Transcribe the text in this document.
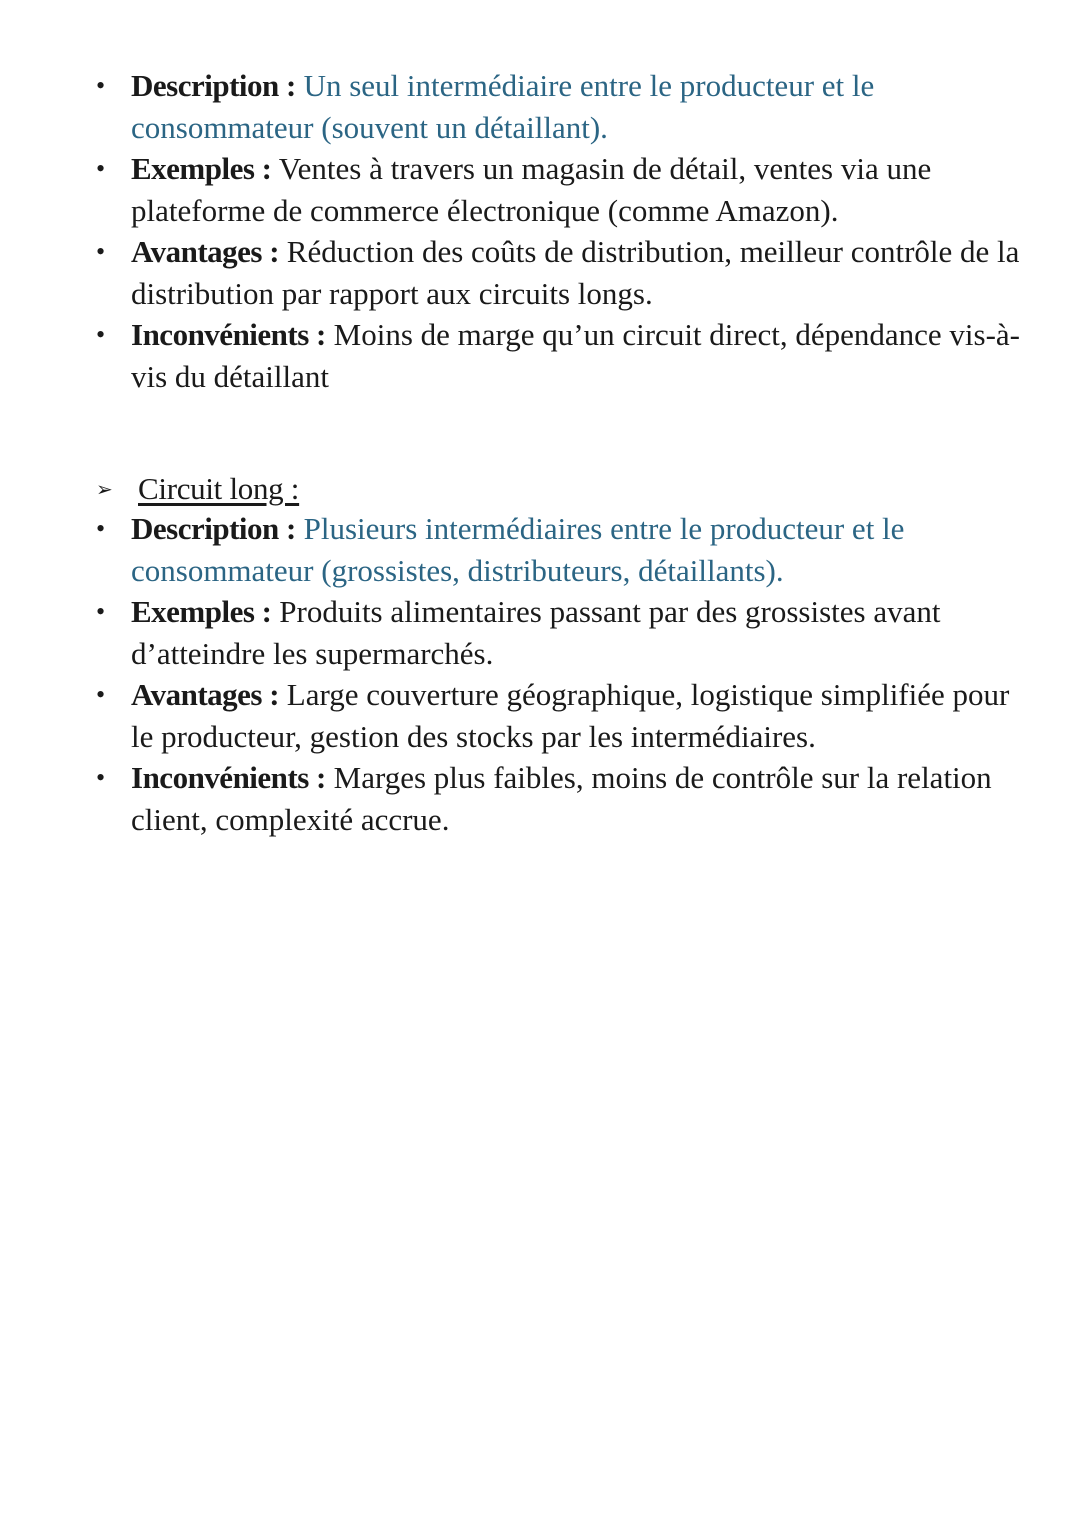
• Description : Un seul intermédiaire entre le producteur et le consommateur (souvent un détaillant).
• Exemples : Ventes à travers un magasin de détail, ventes via une plateforme de commerce électronique (comme Amazon).
• Avantages : Réduction des coûts de distribution, meilleur contrôle de la distribution par rapport aux circuits longs.
• Inconvénients : Moins de marge qu’un circuit direct, dépendance vis-à-vis du détaillant
➢ Circuit long :
• Description : Plusieurs intermédiaires entre le producteur et le consommateur (grossistes, distributeurs, détaillants).
• Exemples : Produits alimentaires passant par des grossistes avant d’atteindre les supermarchés.
• Avantages : Large couverture géographique, logistique simplifiée pour le producteur, gestion des stocks par les intermédiaires.
• Inconvénients : Marges plus faibles, moins de contrôle sur la relation client, complexité accrue.
